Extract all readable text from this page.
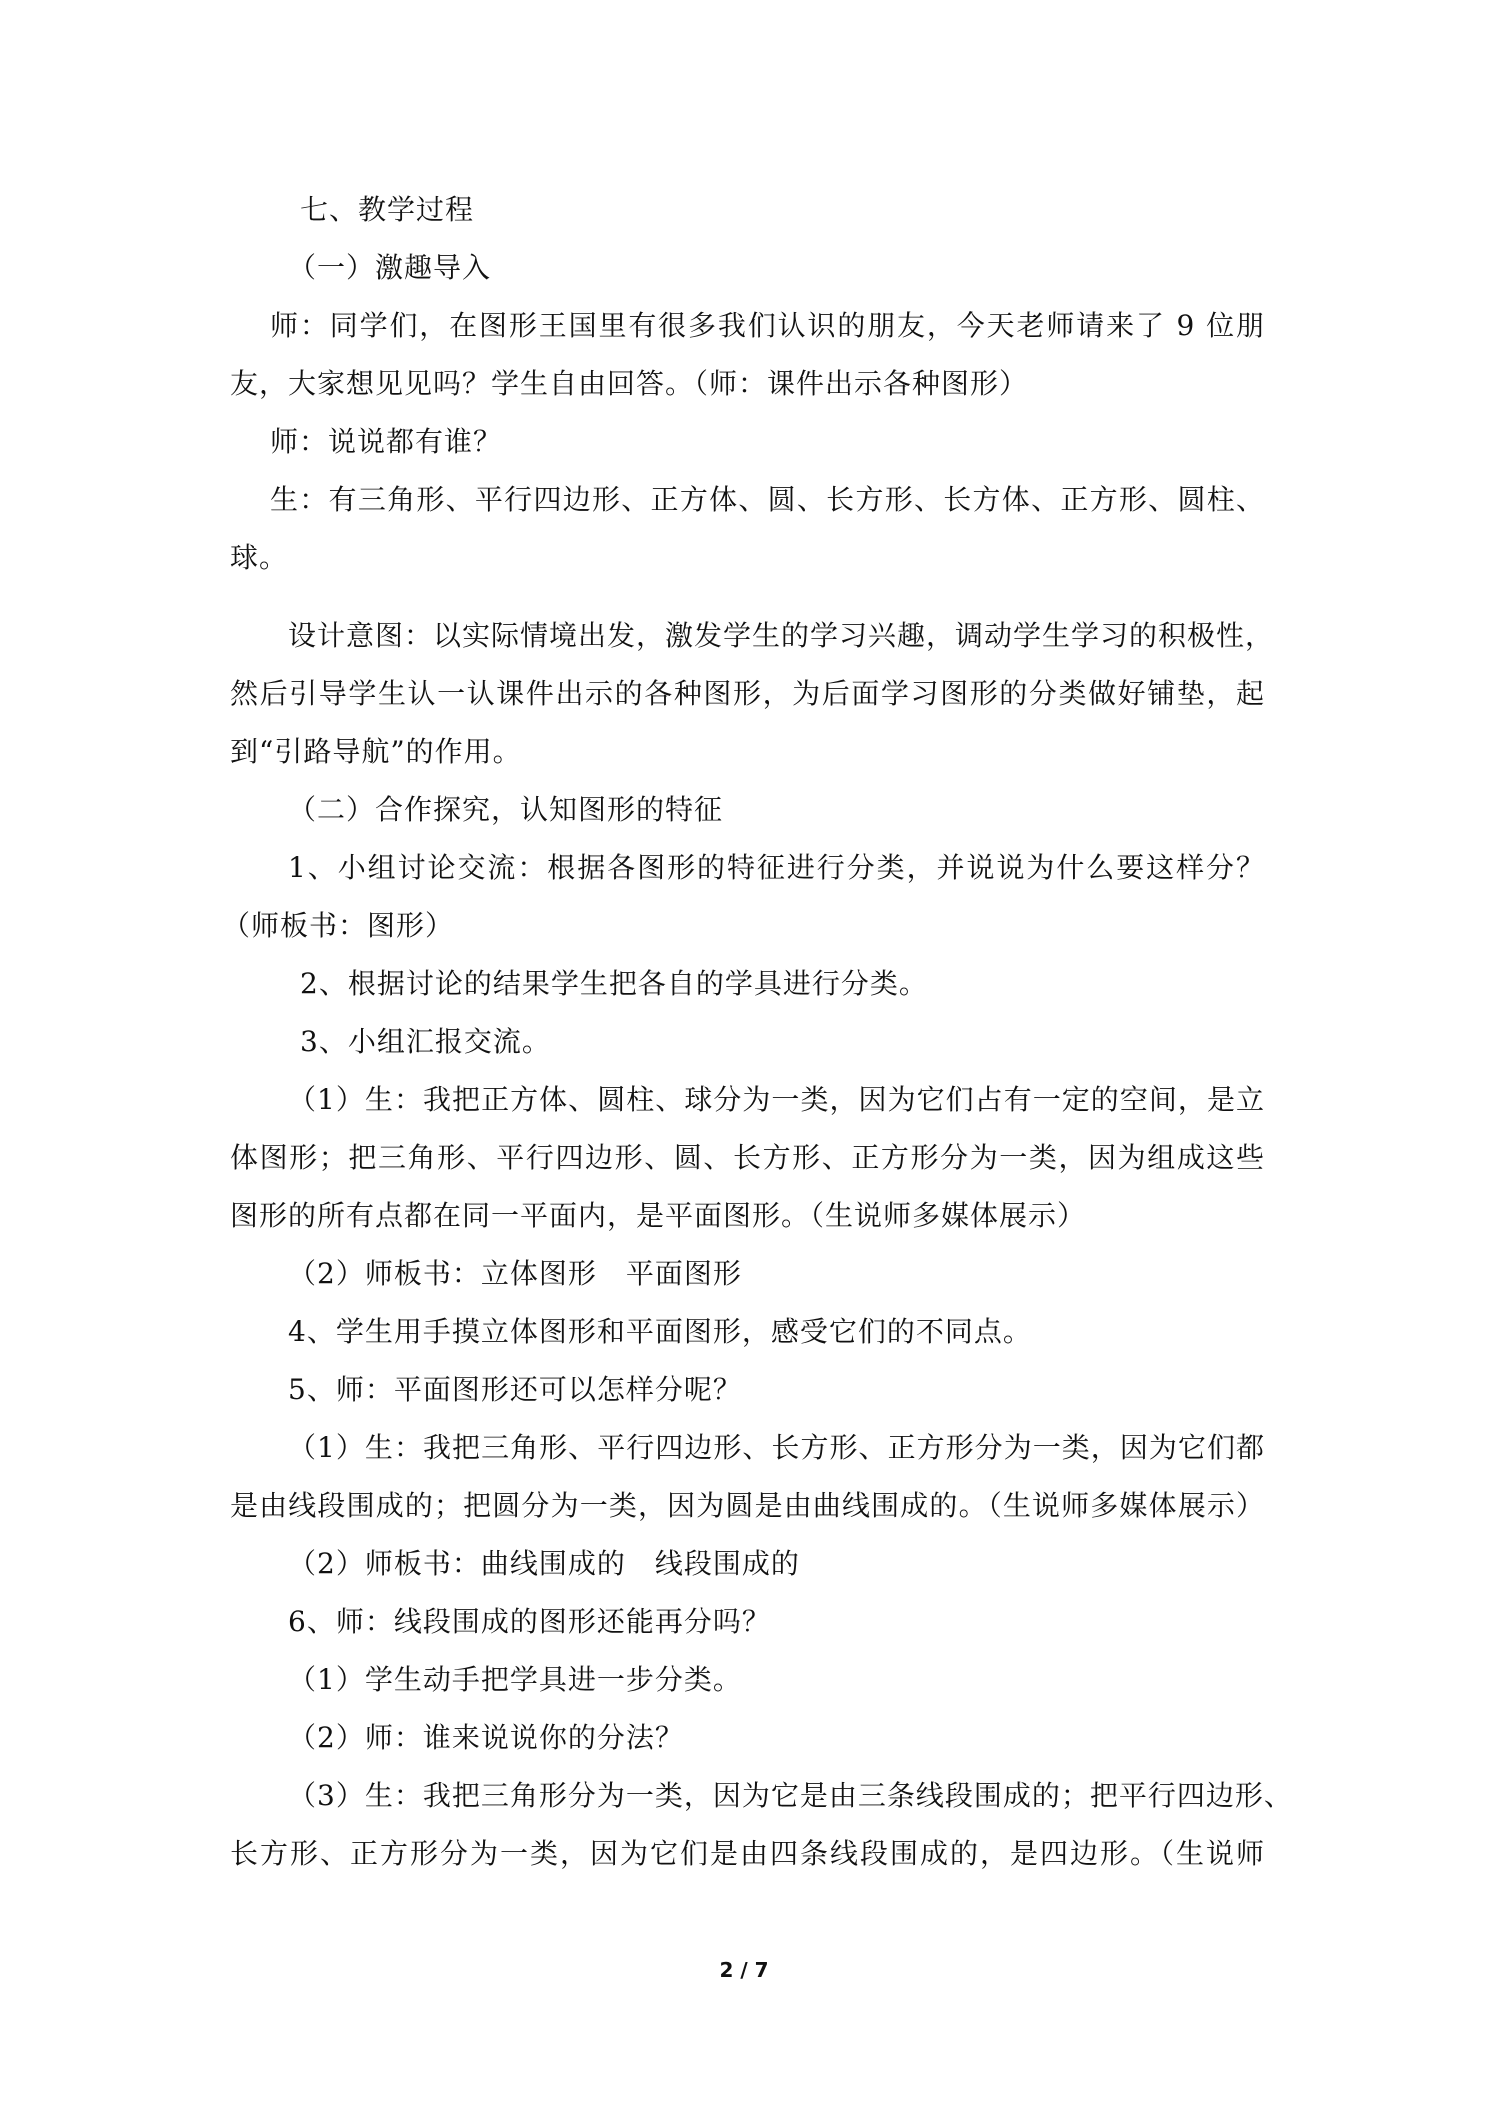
七、教学过程
（一）激趣导入
师：同学们，在图形王国里有很多我们认识的朋友，今天老师请来了 9 位朋
友，大家想见见吗？学生自由回答。（师：课件出示各种图形）
师：说说都有谁？
生：有三角形、平行四边形、正方体、圆、长方形、长方体、正方形、圆柱、
球。
设计意图：以实际情境出发，激发学生的学习兴趣，调动学生学习的积极性，
然后引导学生认一认课件出示的各种图形，为后面学习图形的分类做好铺垫，起
到“引路导航”的作用。
（二）合作探究，认知图形的特征
1、小组讨论交流：根据各图形的特征进行分类，并说说为什么要这样分？
（师板书：图形）
2、根据讨论的结果学生把各自的学具进行分类。
3、小组汇报交流。
（1）生：我把正方体、圆柱、球分为一类，因为它们占有一定的空间，是立
体图形；把三角形、平行四边形、圆、长方形、正方形分为一类，因为组成这些
图形的所有点都在同一平面内，是平面图形。（生说师多媒体展示）
（2）师板书：立体图形　平面图形
4、学生用手摸立体图形和平面图形，感受它们的不同点。
5、师：平面图形还可以怎样分呢？
（1）生：我把三角形、平行四边形、长方形、正方形分为一类，因为它们都
是由线段围成的；把圆分为一类，因为圆是由曲线围成的。（生说师多媒体展示）
（2）师板书：曲线围成的　线段围成的
6、师：线段围成的图形还能再分吗？
（1）学生动手把学具进一步分类。
（2）师：谁来说说你的分法？
（3）生：我把三角形分为一类，因为它是由三条线段围成的；把平行四边形、
长方形、正方形分为一类，因为它们是由四条线段围成的，是四边形。（生说师
2 / 7
